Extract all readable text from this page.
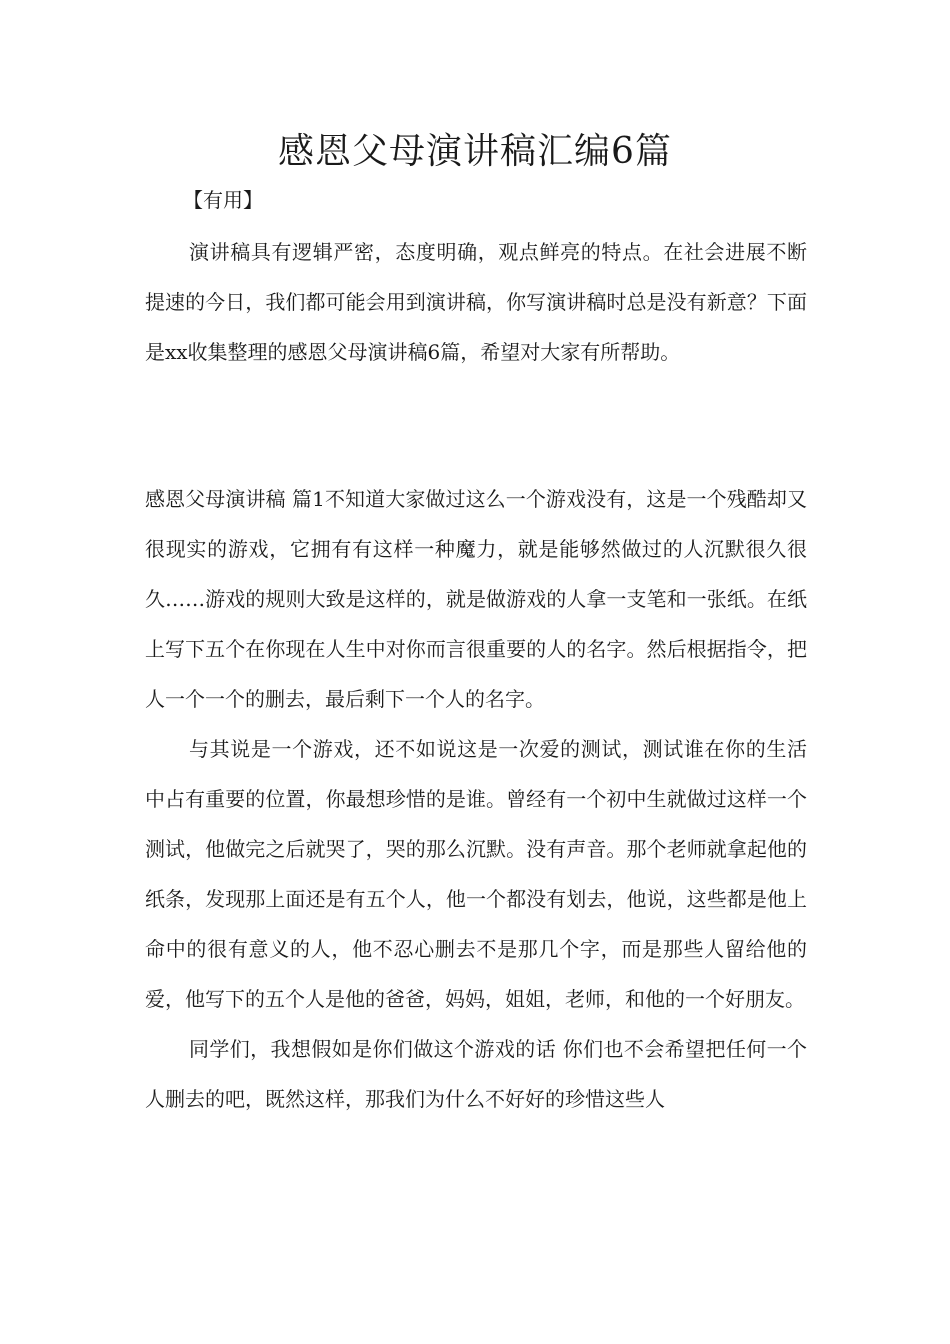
感恩父母演讲稿汇编6篇
【有用】

演讲稿具有逻辑严密，态度明确，观点鲜亮的特点。在社会进展不断提速的今日，我们都可能会用到演讲稿，你写演讲稿时总是没有新意？下面是xx收集整理的感恩父母演讲稿6篇，希望对大家有所帮助。

感恩父母演讲稿 篇1不知道大家做过这么一个游戏没有，这是一个残酷却又很现实的游戏，它拥有有这样一种魔力，就是能够然做过的人沉默很久很久……游戏的规则大致是这样的，就是做游戏的人拿一支笔和一张纸。在纸上写下五个在你现在人生中对你而言很重要的人的名字。然后根据指令，把人一个一个的删去，最后剩下一个人的名字。

与其说是一个游戏，还不如说这是一次爱的测试，测试谁在你的生活中占有重要的位置，你最想珍惜的是谁。曾经有一个初中生就做过这样一个测试，他做完之后就哭了，哭的那么沉默。没有声音。那个老师就拿起他的纸条，发现那上面还是有五个人，他一个都没有划去，他说，这些都是他上命中的很有意义的人，他不忍心删去不是那几个字，而是那些人留给他的爱，他写下的五个人是他的爸爸，妈妈，姐姐，老师，和他的一个好朋友。

同学们，我想假如是你们做这个游戏的话 你们也不会希望把任何一个人删去的吧，既然这样，那我们为什么不好好的珍惜这些人
